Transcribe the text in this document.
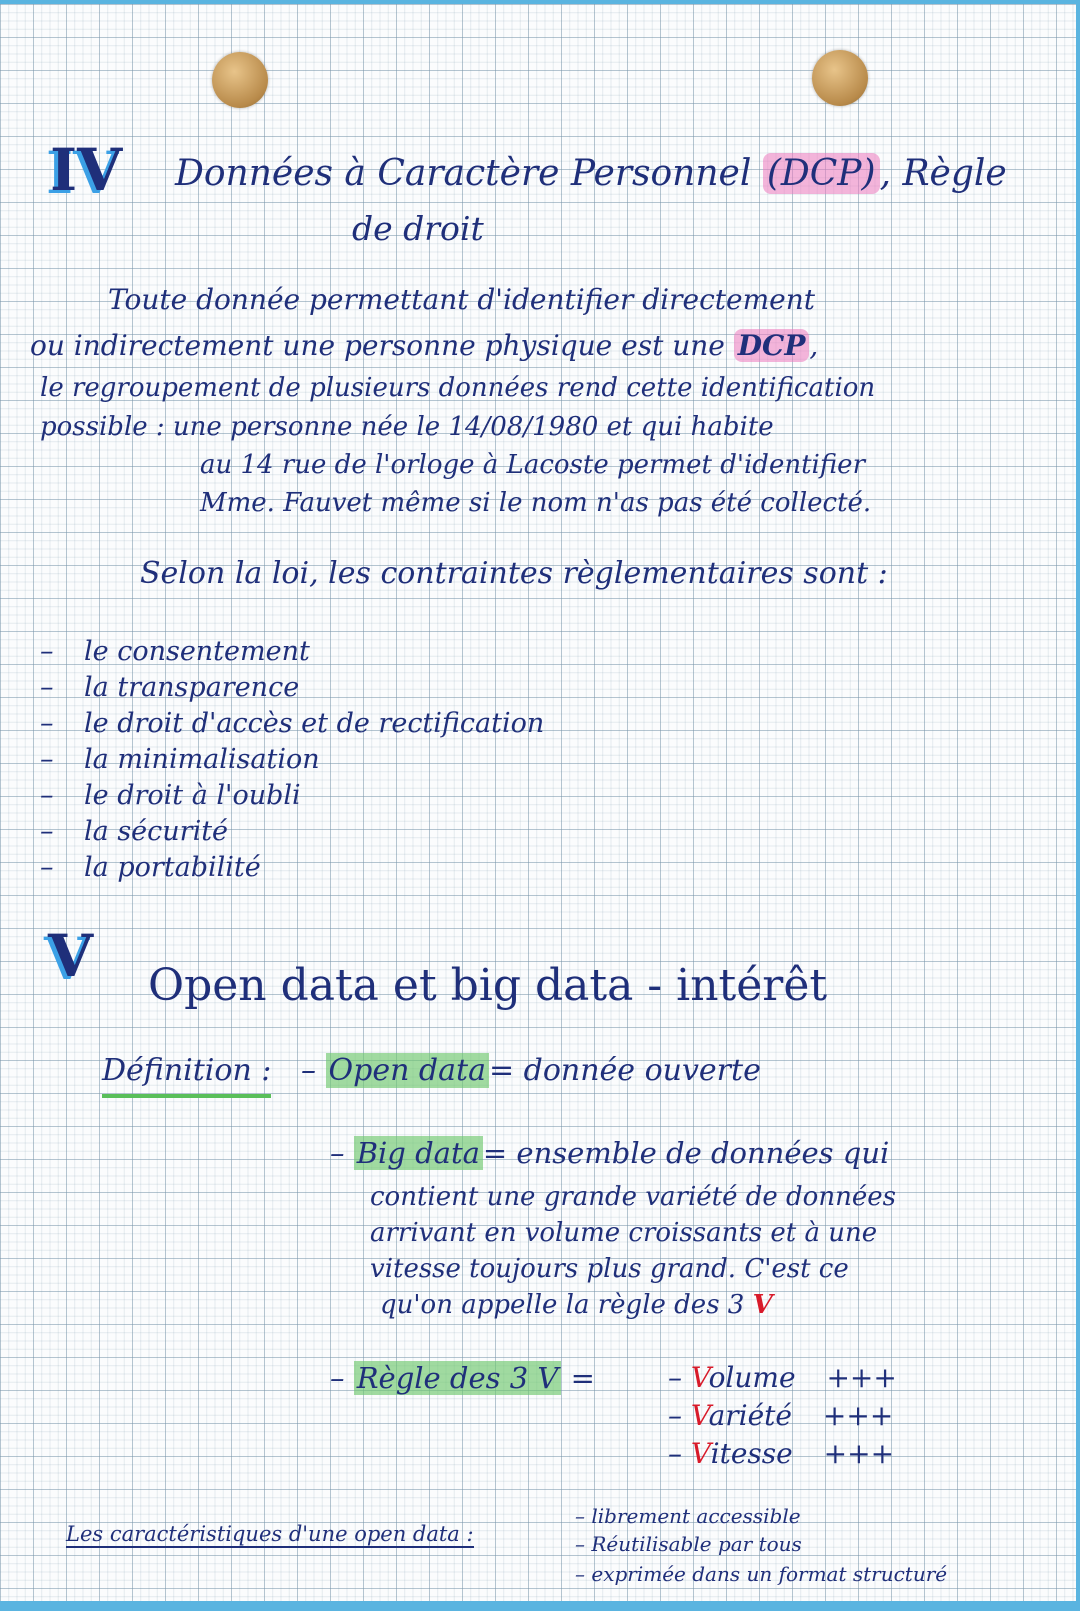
IV Données à Caractère Personnel (DCP) , Règle

de droit

Toute donnée permettant d'identifier directement

ou indirectement une personne physique est une DCP ,

le regroupement de plusieurs données rend cette identification

possible : une personne née le 14/08/1980 et qui habite

au 14 rue de l'orloge à Lacoste permet d'identifier

Mme. Fauvet même si le nom n'as pas été collecté.

Selon la loi, les contraintes règlementaires sont :

– le consentement
– la transparence
– le droit d'accès et de rectification
– la minimalisation
– le droit à l'oubli
– la sécurité
– la portabilité
V Open data et big data - intérêt

Définition : – Open data = donnée ouverte

– Big data = ensemble de données qui

contient une grande variété de données

arrivant en volume croissants et à une

vitesse toujours plus grand. C'est ce

qu'on appelle la règle des 3 V

– Règle des 3 V =	– Volume +++

– Variété +++

– Vitesse +++

Les caractéristiques d'une open data :

– librement accessible

– Réutilisable par tous

– exprimée dans un format structuré
